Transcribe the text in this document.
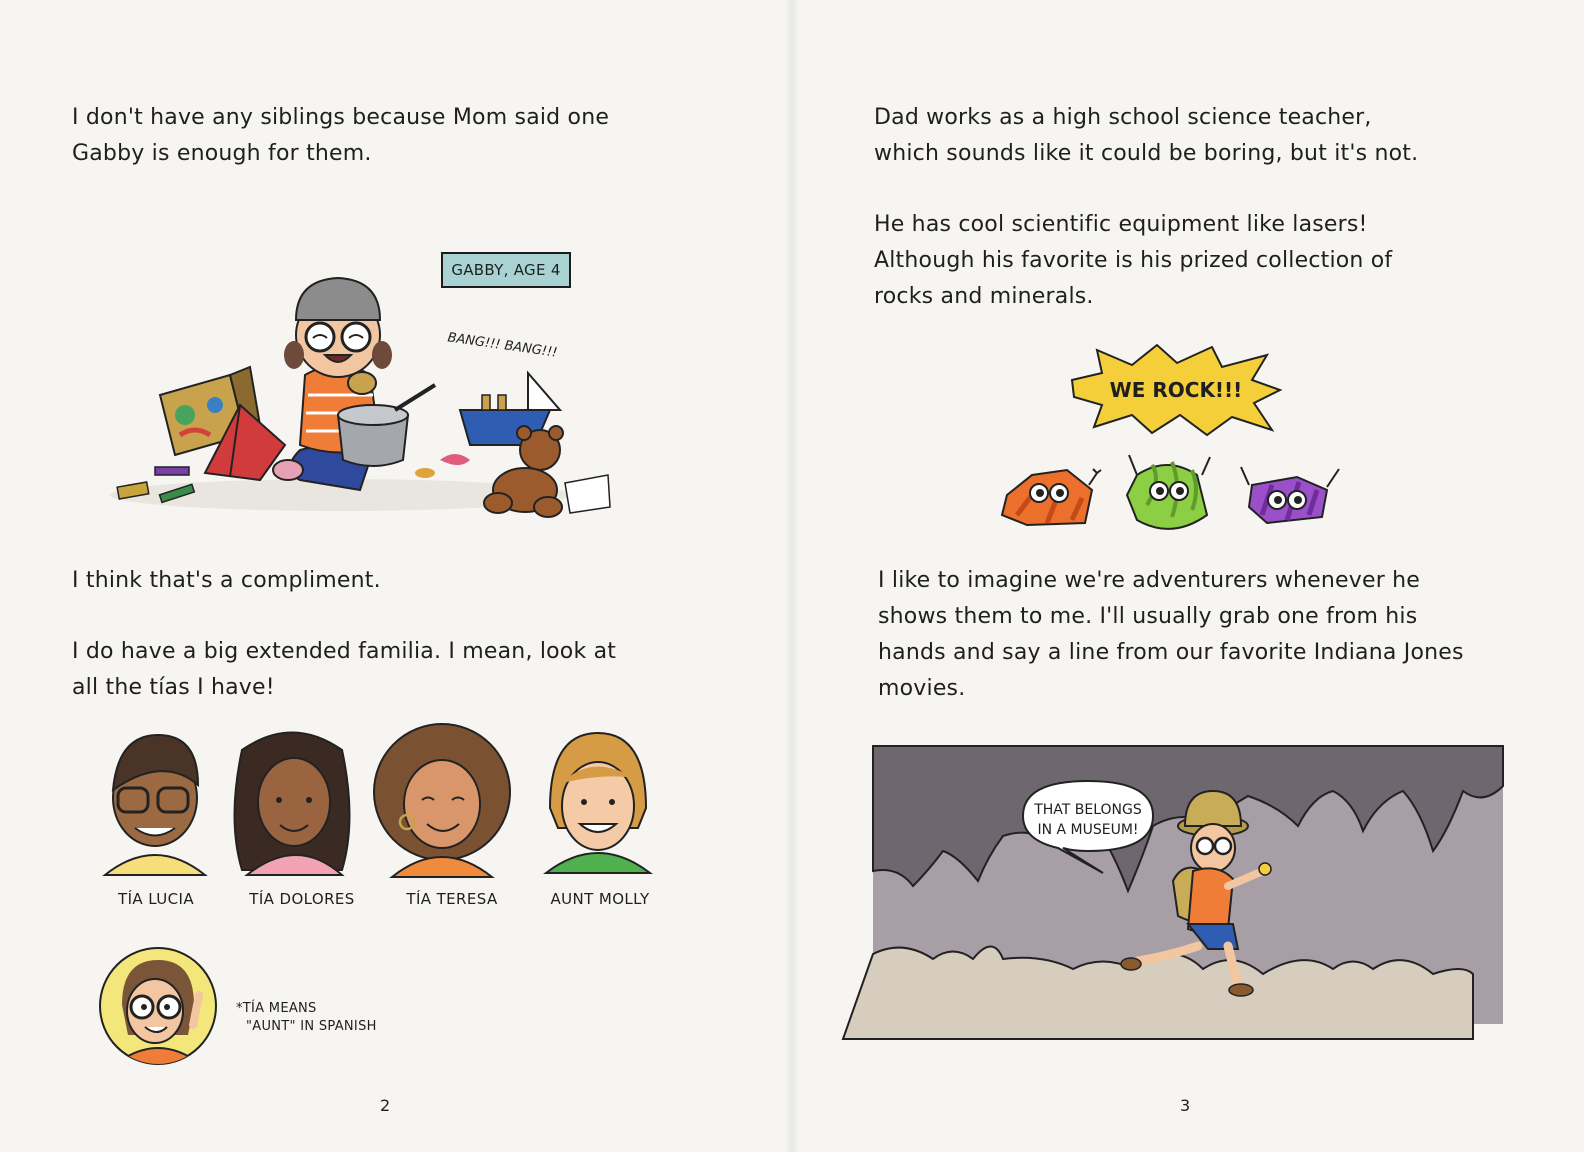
I don't have any siblings because Mom said one
Gabby is enough for them.

GABBY, AGE 4
BANG!!! BANG!!!

I think that's a compliment.

I do have a big extended familia. I mean, look at
all the tías I have!

TÍA LUCIA	TÍA DOLORES	TÍA TERESA	AUNT MOLLY
*TÍA MEANS
"AUNT" IN SPANISH
2

Dad works as a high school science teacher,
which sounds like it could be boring, but it's not.

He has cool scientific equipment like lasers!
Although his favorite is his prized collection of
rocks and minerals.

WE ROCK!!!

I like to imagine we're adventurers whenever he
shows them to me. I'll usually grab one from his
hands and say a line from our favorite Indiana Jones
movies.

THAT BELONGS
IN A MUSEUM!
3
